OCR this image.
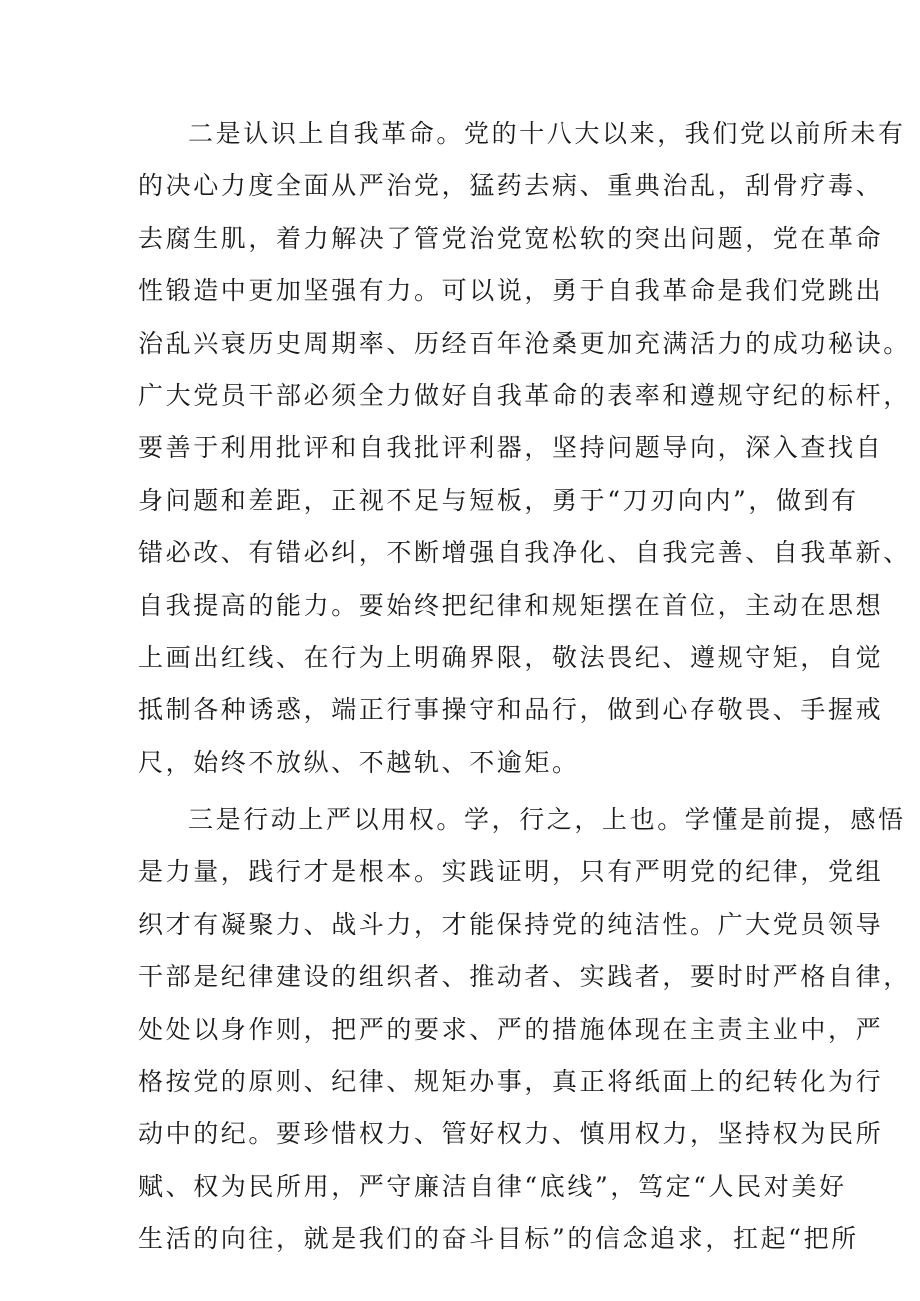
二是认识上自我革命。党的十八大以来，我们党以前所未有
的决心力度全面从严治党，猛药去病、重典治乱，刮骨疗毒、
去腐生肌，着力解决了管党治党宽松软的突出问题，党在革命
性锻造中更加坚强有力。可以说，勇于自我革命是我们党跳出
治乱兴衰历史周期率、历经百年沧桑更加充满活力的成功秘诀。
广大党员干部必须全力做好自我革命的表率和遵规守纪的标杆，
要善于利用批评和自我批评利器，坚持问题导向，深入查找自
身问题和差距，正视不足与短板，勇于“刀刃向内”，做到有
错必改、有错必纠，不断增强自我净化、自我完善、自我革新、
自我提高的能力。要始终把纪律和规矩摆在首位，主动在思想
上画出红线、在行为上明确界限，敬法畏纪、遵规守矩，自觉
抵制各种诱惑，端正行事操守和品行，做到心存敬畏、手握戒
尺，始终不放纵、不越轨、不逾矩。
三是行动上严以用权。学，行之，上也。学懂是前提，感悟
是力量，践行才是根本。实践证明，只有严明党的纪律，党组
织才有凝聚力、战斗力，才能保持党的纯洁性。广大党员领导
干部是纪律建设的组织者、推动者、实践者，要时时严格自律，
处处以身作则，把严的要求、严的措施体现在主责主业中，严
格按党的原则、纪律、规矩办事，真正将纸面上的纪转化为行
动中的纪。要珍惜权力、管好权力、慎用权力，坚持权为民所
赋、权为民所用，严守廉洁自律“底线”，笃定“人民对美好
生活的向往，就是我们的奋斗目标”的信念追求，扛起“把所
